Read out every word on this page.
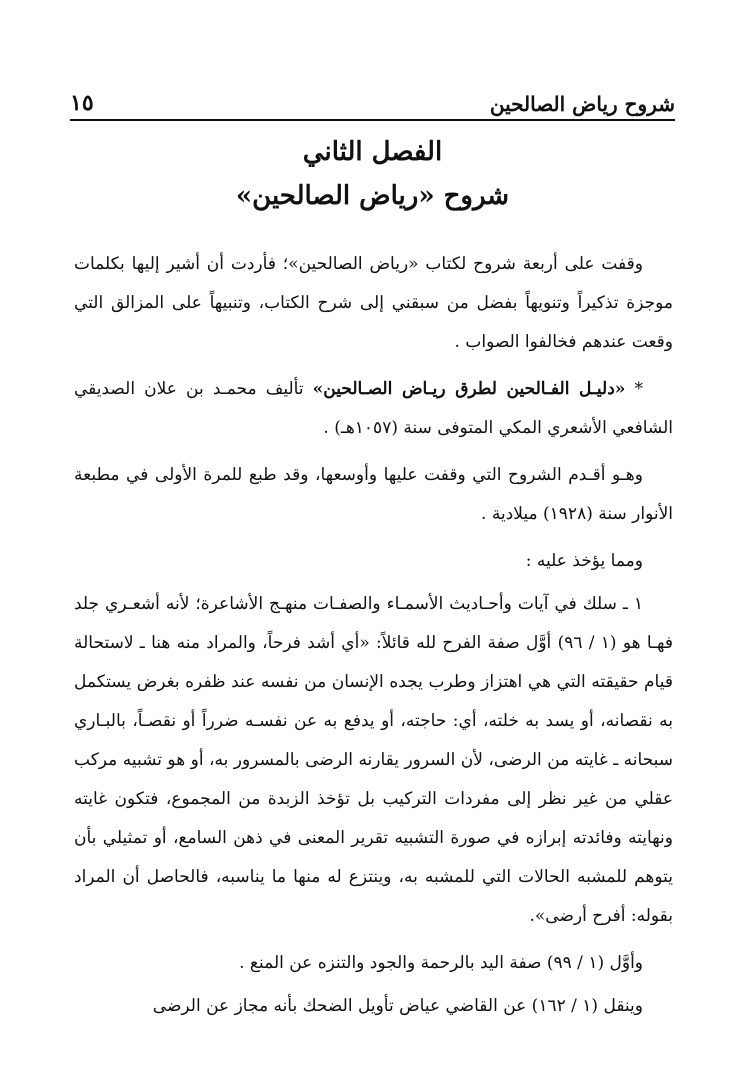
شروح رياض الصالحين
١٥
الفصل الثاني
شروح «رياض الصالحين»

وقفت على أربعة شروح لكتاب «رياض الصالحين»؛ فأردت أن أشير إليها بكلمات موجزة تذكيراً وتنويهاً بفضل من سبقني إلى شرح الكتاب، وتنبيهاً على المزالق التي وقعت عندهم فخالفوا الصواب .

* «دليـل الفـالحين لطرق ريـاض الصـالحين» تأليف محمـد بن علان الصديقي الشافعي الأشعري المكي المتوفى سنة (١٠٥٧هـ) .

وهـو أقـدم الشروح التي وقفت عليها وأوسعها، وقد طبع للمرة الأولى في مطبعة الأنوار سنة (١٩٢٨) ميلادية .

ومما يؤخذ عليه :

١ ـ سلك في آيات وأحـاديث الأسمـاء والصفـات منهـج الأشاعرة؛ لأنه أشعـري جلد فهـا هو (١ / ٩٦) أوَّل صفة الفرح لله قائلاً: «أي أشد فرحاً، والمراد منه هنا ـ لاستحالة قيام حقيقته التي هي اهتزاز وطرب يجده الإنسان من نفسه عند ظفره بغرض يستكمل به نقصانه، أو يسد به خلته، أي: حاجته، أو يدفع به عن نفسـه ضرراً أو نقصـاً، بالبـاري سبحانه ـ غايته من الرضى، لأن السرور يقارنه الرضى بالمسرور به، أو هو تشبيه مركب عقلي من غير نظر إلى مفردات التركيب بل تؤخذ الزبدة من المجموع، فتكون غايته ونهايته وفائدته إبرازه في صورة التشبيه تقرير المعنى في ذهن السامع، أو تمثيلي بأن يتوهم للمشبه الحالات التي للمشبه به، وينتزع له منها ما يناسبه، فالحاصل أن المراد بقوله: أفرح أرضى».

وأوَّل (١ / ٩٩) صفة اليد بالرحمة والجود والتنزه عن المنع .

وينقل (١ / ١٦٢) عن القاضي عياض تأويل الضحك بأنه مجاز عن الرضى
